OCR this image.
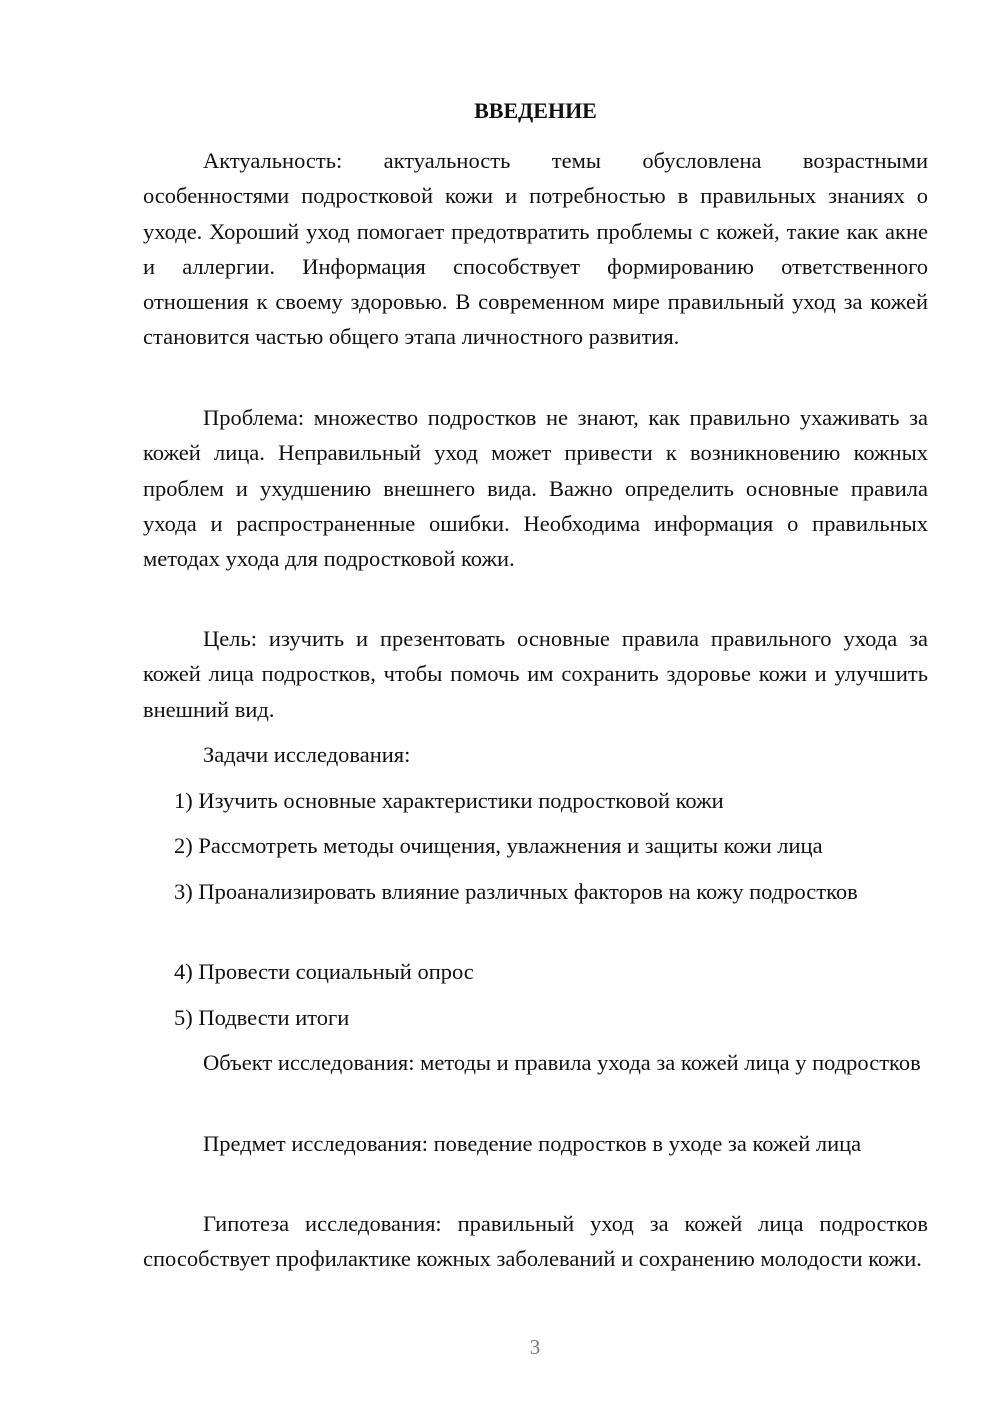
ВВЕДЕНИЕ

Актуальность: актуальность темы обусловлена возрастными особенностями подростковой кожи и потребностью в правильных знаниях о уходе. Хороший уход помогает предотвратить проблемы с кожей, такие как акне и аллергии. Информация способствует формированию ответственного отношения к своему здоровью. В современном мире правильный уход за кожей становится частью общего этапа личностного развития.

Проблема: множество подростков не знают, как правильно ухаживать за кожей лица. Неправильный уход может привести к возникновению кожных проблем и ухудшению внешнего вида. Важно определить основные правила ухода и распространенные ошибки. Необходима информация о правильных методах ухода для подростковой кожи.

Цель: изучить и презентовать основные правила правильного ухода за кожей лица подростков, чтобы помочь им сохранить здоровье кожи и улучшить внешний вид.

Задачи исследования:

1) Изучить основные характеристики подростковой кожи

2) Рассмотреть методы очищения, увлажнения и защиты кожи лица

3) Проанализировать влияние различных факторов на кожу подростков

4) Провести социальный опрос

5) Подвести итоги

Объект исследования: методы и правила ухода за кожей лица у подростков

Предмет исследования: поведение подростков в уходе за кожей лица

Гипотеза исследования: правильный уход за кожей лица подростков способствует профилактике кожных заболеваний и сохранению молодости кожи.

3
